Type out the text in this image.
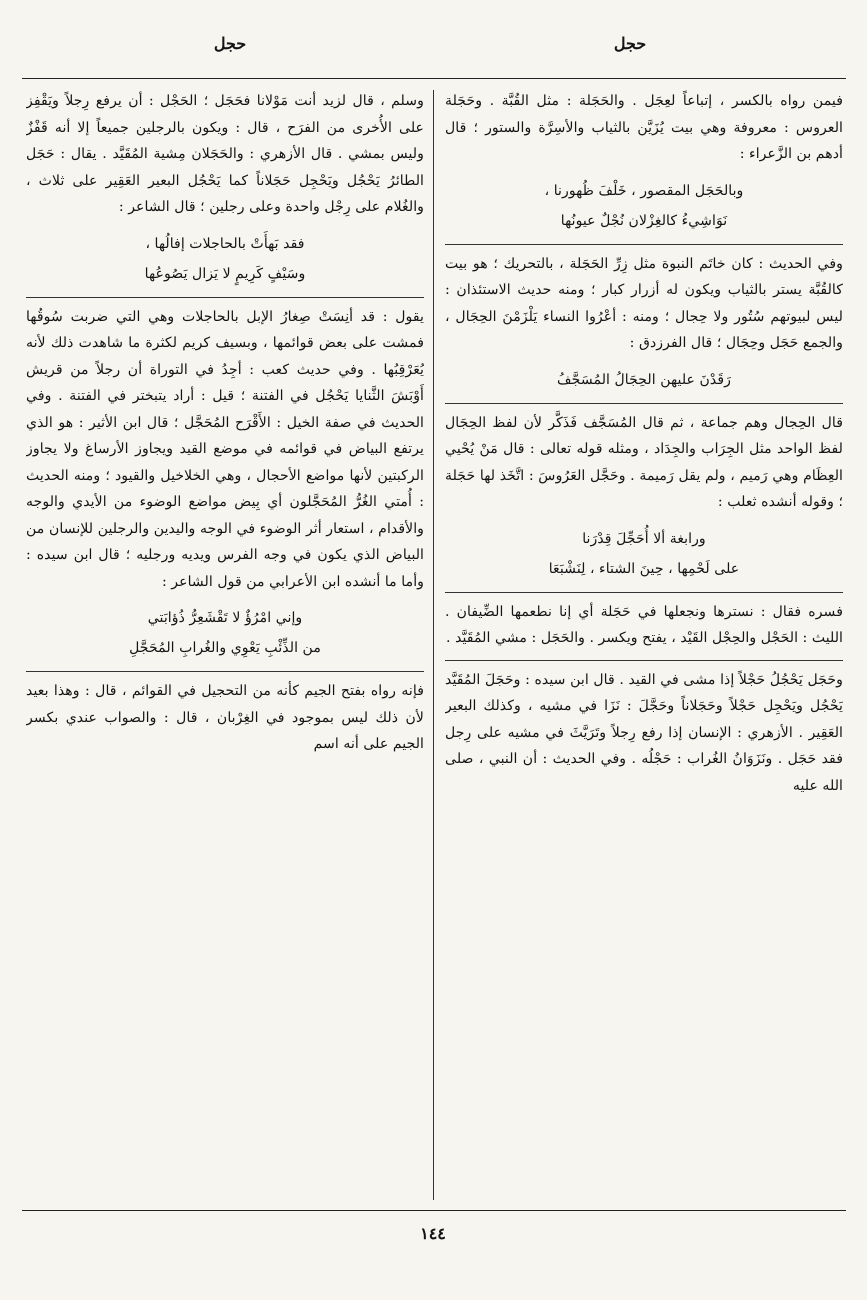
حجل
حجل

فيمن رواه بالكسر ، إتباعاً لعِجَل . والحَجَلة : مثل القُبَّة . وحَجَلة العروس : معروفة وهي بيت يُزَيَّن بالثياب والأسِرَّة والستور ؛ قال أدهم بن الزَّعراء :

وبالحَجَل المقصور ، خَلْفَ ظُهورنا ،
نَوَاشِيءُ كالغِزْلان نُجْلٌ عيونُها

وفي الحديث : كان خاتَم النبوة مثل زِرِّ الحَجَلة ، بالتحريك ؛ هو بيت كالقُبَّة يستر بالثياب ويكون له أزرار كبار ؛ ومنه حديث الاستئذان : ليس لبيوتهم سُتُور ولا حِجال ؛ ومنه : أعْرُوا النساء يَلْزَمْنَ الحِجَال ، والجمع حَجَل وحِجَال ؛ قال الفرزدق :

رَقَدْنَ عليهن الحِجَالُ المُسَجَّفُ

قال الحِجال وهم جماعة ، ثم قال المُسَجَّف فَذَكَّر لأن لفظ الحِجَال لفظ الواحد مثل الجِرَاب والجِدَاد ، ومثله قوله تعالى : قال مَنْ يُحْيي العِظَام وهي رَميم ، ولم يقل رَميمة . وحَجَّل العَرُوسَ : اتَّخَذ لها حَجَلة ؛ وقوله أنشده ثعلب :

ورابغة ألا أُحَجِّلَ قِدْرَنا
على لَحْمِها ، حِينَ الشتاء ، لِنَشْبَعَا

فسره فقال : نسترها ونجعلها في حَجَلة أي إنا نطعمها الضِّيفان . الليث : الحَجْل والحِجْل القَيْد ، يفتح ويكسر . والحَجَل : مشي المُقَيَّد .

وحَجَل يَحْجُلُ حَجْلاً إذا مشى في القيد . قال ابن سيده : وحَجَلَ المُقَيَّد يَحْجُل ويَحْجِل حَجْلاً وحَجَلاناً وحَجَّلَ : نَزَا في مشيه ، وكذلك البعير العَقِير . الأزهري : الإنسان إذا رفع رِجلاً وتَرَيَّثَ في مشيه على رِجل فقد حَجَل . ونَزَوَانُ الغُراب : حَجْلُه . وفي الحديث : أن النبي ، صلى الله عليه

وسلم ، قال لزيد أنت مَوْلانا فحَجَل ؛ الحَجْل : أن يرفع رِجلاً ويَقْفِز على الأُخرى من الفرَح ، قال : ويكون بالرجلين جميعاً إلا أنه قَفْزٌ وليس بمشي . قال الأزهري : والحَجَلان مِشية المُقَيَّد . يقال : حَجَل الطائرُ يَحْجُل ويَحْجِل حَجَلاناً كما يَحْجُل البعير العَقِير على ثلاث ، والغُلام على رِجْل واحدة وعلى رجلين ؛ قال الشاعر :

فقد بَهأَتْ بالحاجلات إفالُها ،
وسَيْفٍ كَرِيمٍ لا يَزال يَصُوعُها

يقول : قد أنِسَتْ صِغارُ الإبل بالحاجلات وهي التي ضربت سُوقُها فمشت على بعض قوائمها ، وبسيف كريم لكثرة ما شاهدت ذلك لأنه يُعَرْقِبُها . وفي حديث كعب : أجِدُ في التوراة أن رجلاً من قريش أَوْبَشَ الثَّنايا يَحْجُل في الفتنة ؛ قيل : أراد يتبختر في الفتنة . وفي الحديث في صفة الخيل : الأَقْرَح المُحَجَّل ؛ قال ابن الأثير : هو الذي يرتفع البياض في قوائمه في موضع القيد ويجاوز الأرساغ ولا يجاوز الركبتين لأنها مواضع الأحجال ، وهي الخلاخيل والقيود ؛ ومنه الحديث : أُمتي الغُرُّ المُحَجَّلون أي بِيض مواضع الوضوء من الأيدي والوجه والأقدام ، استعار أثر الوضوء في الوجه واليدين والرجلين للإنسان من البياض الذي يكون في وجه الفرس ويديه ورجليه ؛ قال ابن سيده : وأما ما أنشده ابن الأعرابي من قول الشاعر :

وإني امْرُؤٌ لا تَقْشَعِرُّ ذُؤابَتي
من الذِّئْبِ يَعْوِي والغُرابِ المُحَجَّلِ

فإنه رواه بفتح الجيم كأنه من التحجيل في القوائم ، قال : وهذا بعيد لأن ذلك ليس بموجود في الغِرْبان ، قال : والصواب عندي بكسر الجيم على أنه اسم

١٤٤
